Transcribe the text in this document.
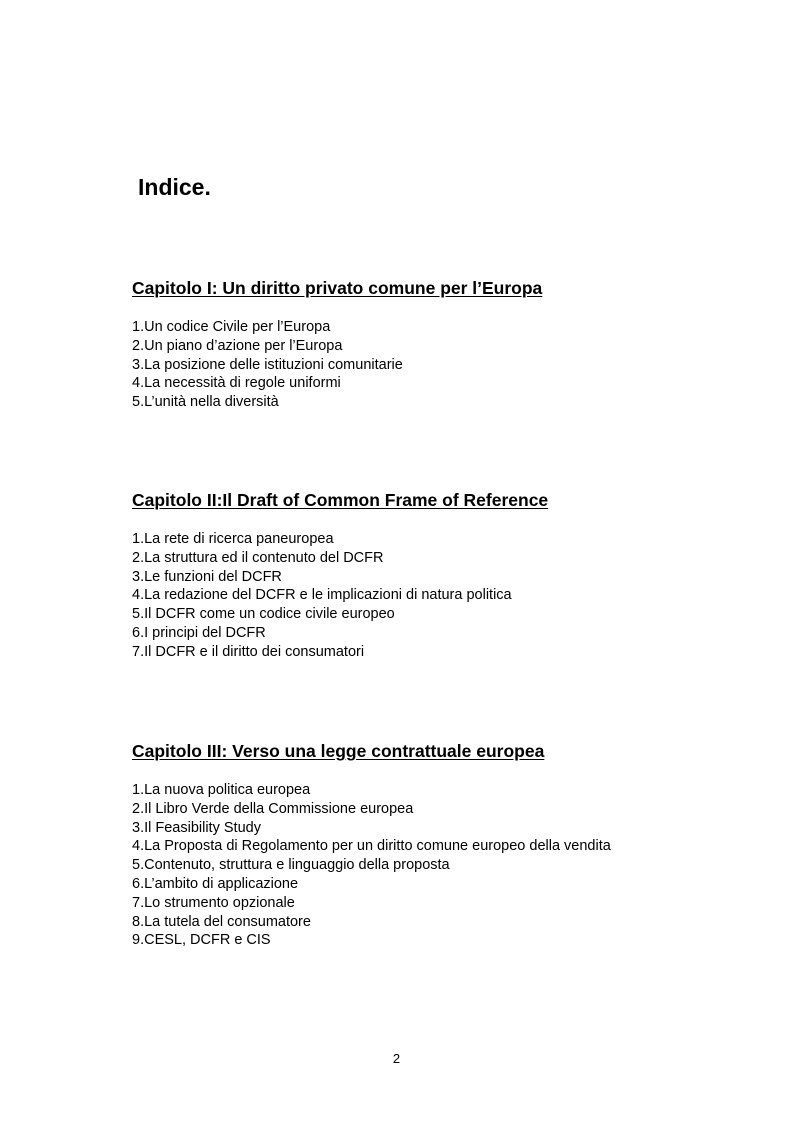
Indice.
Capitolo I: Un diritto privato comune per l’Europa
1.Un codice Civile per l’Europa
2.Un piano d’azione per l’Europa
3.La posizione delle istituzioni comunitarie
4.La necessità di regole uniformi
5.L’unità nella diversità
Capitolo II:Il Draft of Common Frame of Reference
1.La rete di ricerca paneuropea
2.La struttura ed il contenuto del DCFR
3.Le funzioni del DCFR
4.La redazione del DCFR e le implicazioni di natura politica
5.Il DCFR come un codice civile europeo
6.I principi del DCFR
7.Il DCFR e il diritto dei consumatori
Capitolo III: Verso una legge contrattuale europea
1.La nuova politica europea
2.Il Libro Verde della Commissione europea
3.Il Feasibility Study
4.La Proposta di Regolamento per un diritto comune europeo della vendita
5.Contenuto, struttura e linguaggio della proposta
6.L’ambito di applicazione
7.Lo strumento opzionale
8.La tutela del consumatore
9.CESL, DCFR e CIS
2
